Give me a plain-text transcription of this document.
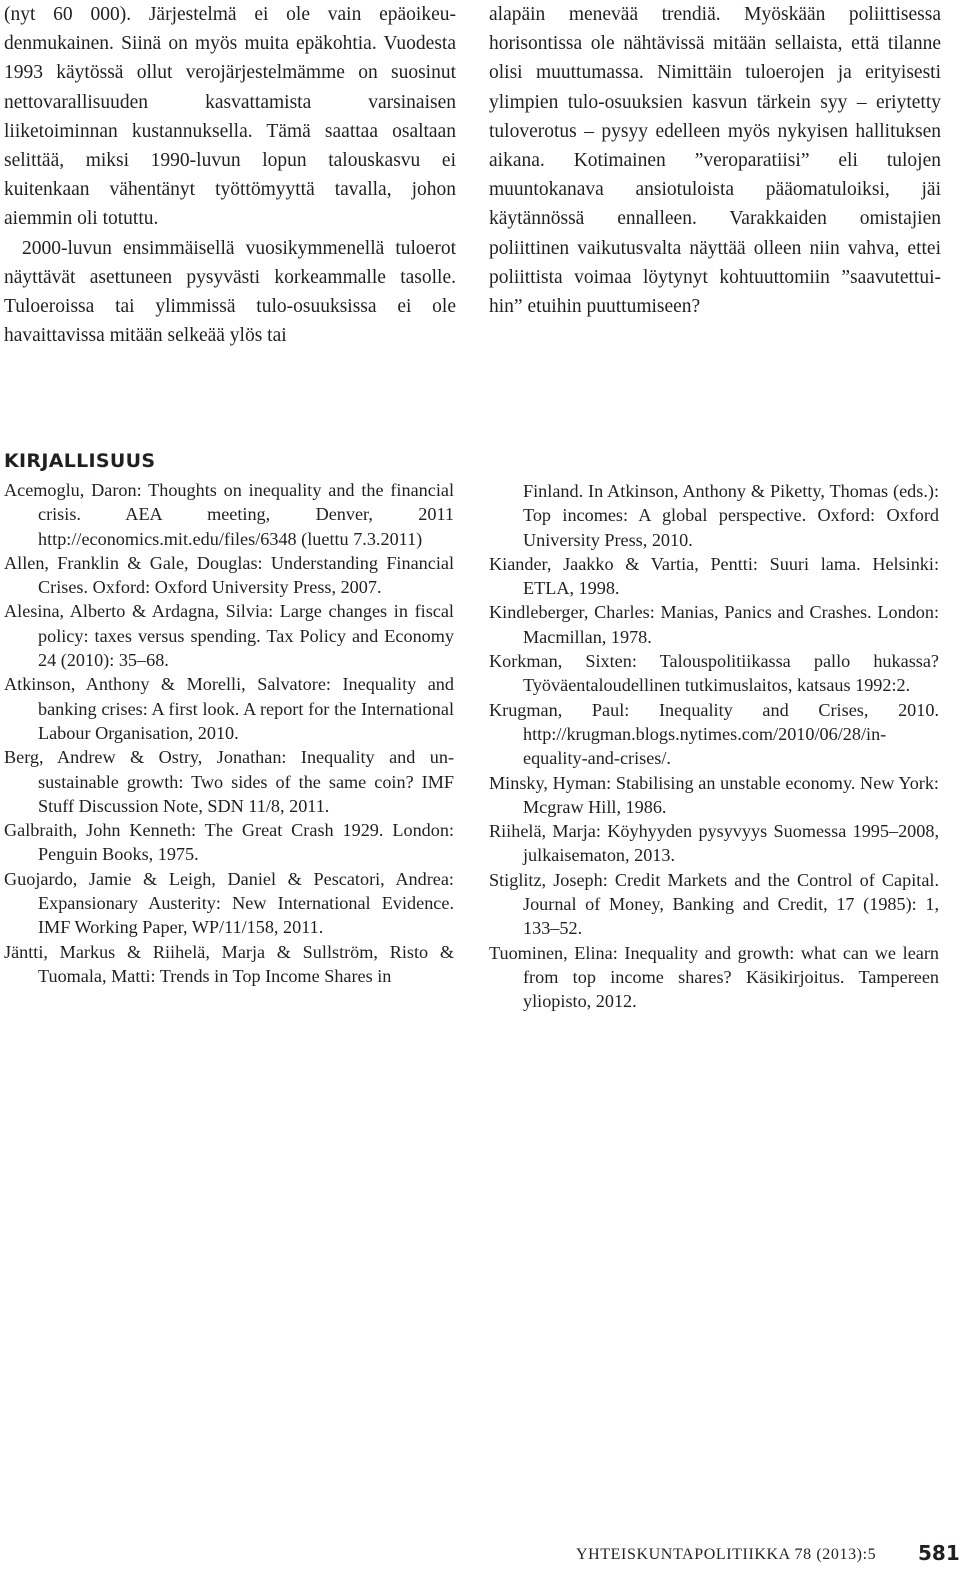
(nyt 60 000). Järjestelmä ei ole vain epäoikeudenmukainen. Siinä on myös muita epäkohtia. Vuodesta 1993 käytössä ollut verojärjestelmämme on suosinut nettovarallisuuden kasvattamista varsinaisen liiketoiminnan kustannuksella. Tämä saattaa osaltaan selittää, miksi 1990-luvun lopun talouskasvu ei kuitenkaan vähentänyt työttömyyttä tavalla, johon aiemmin oli totuttu.

2000-luvun ensimmäisellä vuosikymmenellä tuloerot näyttävät asettuneen pysyvästi korkeammalle tasolle. Tuloeroissa tai ylimmissä tulo-osuuksissa ei ole havaittavissa mitään selkeää ylös tai

alapäin menevää trendiä. Myöskään poliittisessa horisontissa ole nähtävissä mitään sellaista, että tilanne olisi muuttumassa. Nimittäin tuloerojen ja erityisesti ylimpien tulo-osuuksien kasvun tärkein syy – eriytetty tuloverotus – pysyy edelleen myös nykyisen hallituksen aikana. Kotimainen ”veroparatiisi” eli tulojen muuntokanava ansiotuloista pääomatuloiksi, jäi käytännössä ennalleen. Varakkaiden omistajien poliittinen vaikutusvalta näyttää olleen niin vahva, ettei poliittista voimaa löytynyt kohtuuttomiin ”saavutettuihin” etuihin puuttumiseen?

KIRJALLISUUS

Acemoglu, Daron: Thoughts on inequality and the financial crisis. AEA meeting, Denver, 2011 http://economics.mit.edu/files/6348 (luettu 7.3.2011)

Allen, Franklin & Gale, Douglas: Understanding Financial Crises. Oxford: Oxford University Press, 2007.

Alesina, Alberto & Ardagna, Silvia: Large changes in fiscal policy: taxes versus spending. Tax Policy and Economy 24 (2010): 35–68.

Atkinson, Anthony & Morelli, Salvatore: Inequality and banking crises: A first look. A report for the International Labour Organisation, 2010.

Berg, Andrew & Ostry, Jonathan: Inequality and unsustainable growth: Two sides of the same coin? IMF Stuff Discussion Note, SDN 11/8, 2011.

Galbraith, John Kenneth: The Great Crash 1929. London: Penguin Books, 1975.

Guojardo, Jamie & Leigh, Daniel & Pescatori, Andrea: Expansionary Austerity: New International Evidence. IMF Working Paper, WP/11/158, 2011.

Jäntti, Markus & Riihelä, Marja & Sullström, Risto & Tuomala, Matti: Trends in Top Income Shares in

Finland. In Atkinson, Anthony & Piketty, Thomas (eds.): Top incomes: A global perspective. Oxford: Oxford University Press, 2010.

Kiander, Jaakko & Vartia, Pentti: Suuri lama. Helsinki: ETLA, 1998.

Kindleberger, Charles: Manias, Panics and Crashes. London: Macmillan, 1978.

Korkman, Sixten: Talouspolitiikassa pallo hukassa? Työväentaloudellinen tutkimuslaitos, katsaus 1992:2.

Krugman, Paul: Inequality and Crises, 2010. http://krugman.blogs.nytimes.com/2010/06/28/inequality-and-crises/.

Minsky, Hyman: Stabilising an unstable economy. New York: Mcgraw Hill, 1986.

Riihelä, Marja: Köyhyyden pysyvyys Suomessa 1995–2008, julkaisematon, 2013.

Stiglitz, Joseph: Credit Markets and the Control of Capital. Journal of Money, Banking and Credit, 17 (1985): 1, 133–52.

Tuominen, Elina: Inequality and growth: what can we learn from top income shares? Käsikirjoitus. Tampereen yliopisto, 2012.

YHTEISKUNTAPOLITIIKKA 78 (2013):5 581
